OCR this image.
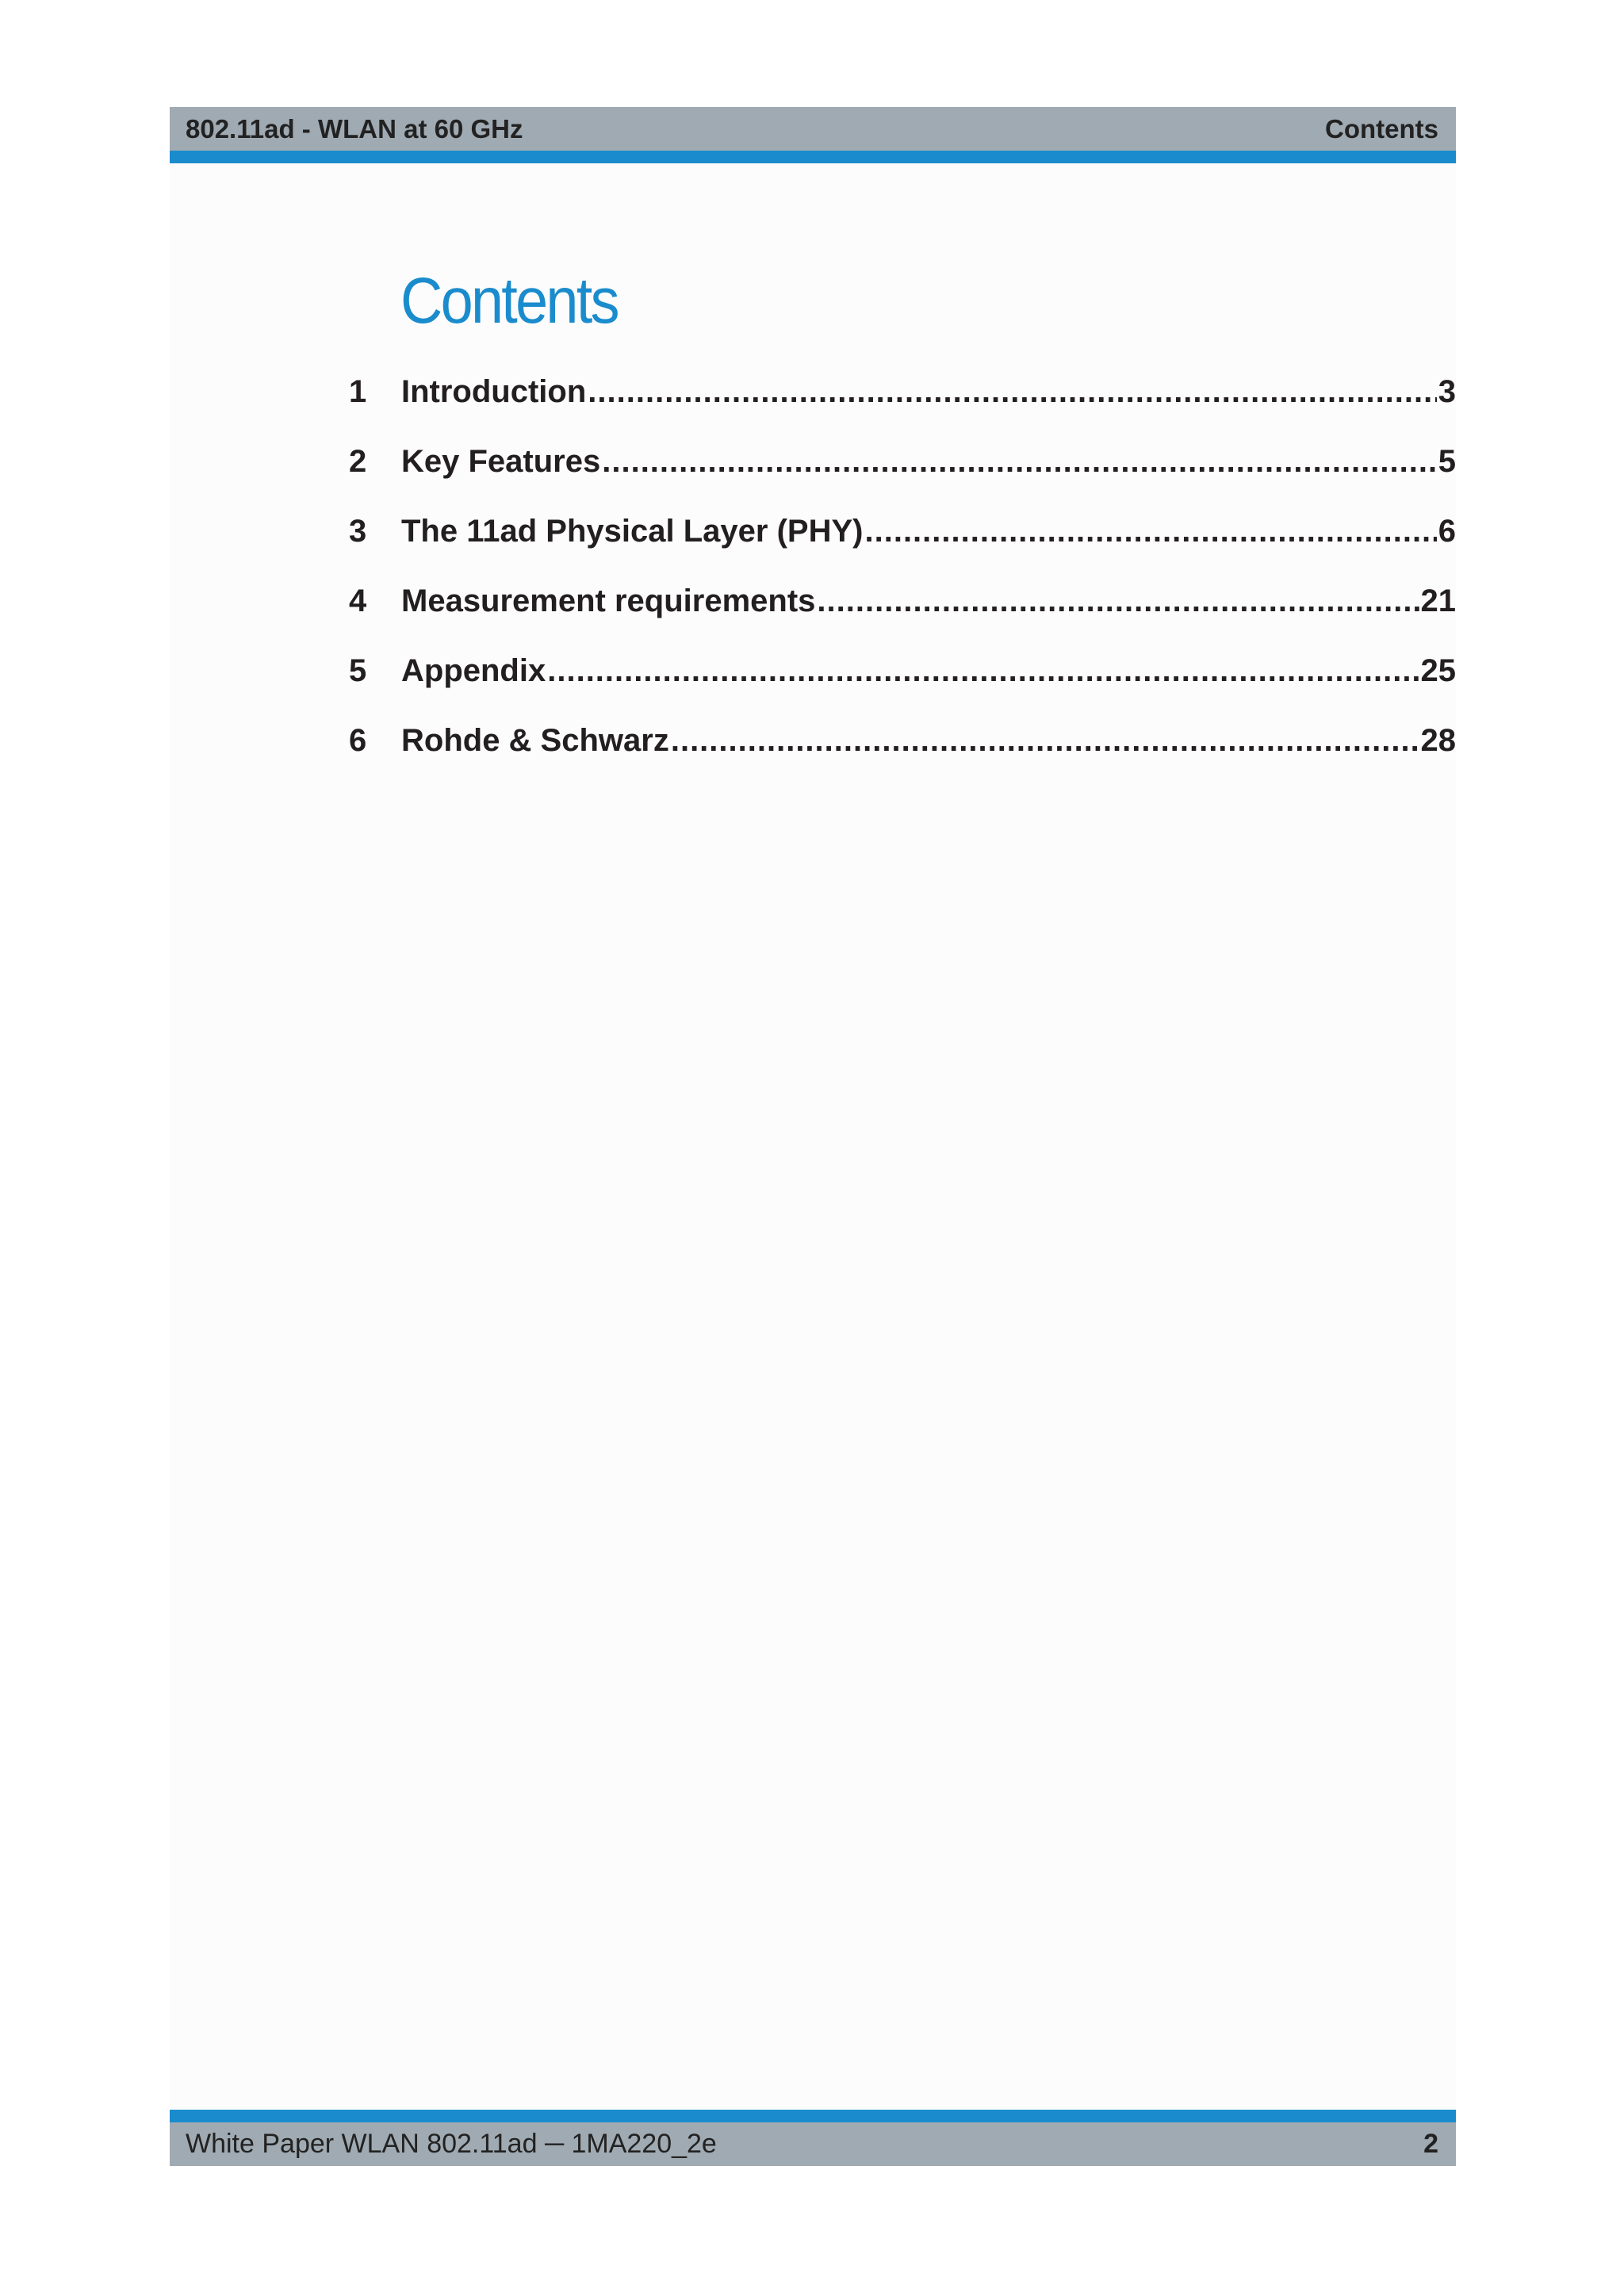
802.11ad - WLAN at 60 GHz	Contents
Contents
1	Introduction .....	3
2	Key Features .....	5
3	The 11ad Physical Layer (PHY) .....	6
4	Measurement requirements .....	21
5	Appendix .....	25
6	Rohde & Schwarz .....	28
White Paper WLAN 802.11ad ─ 1MA220_2e	2
